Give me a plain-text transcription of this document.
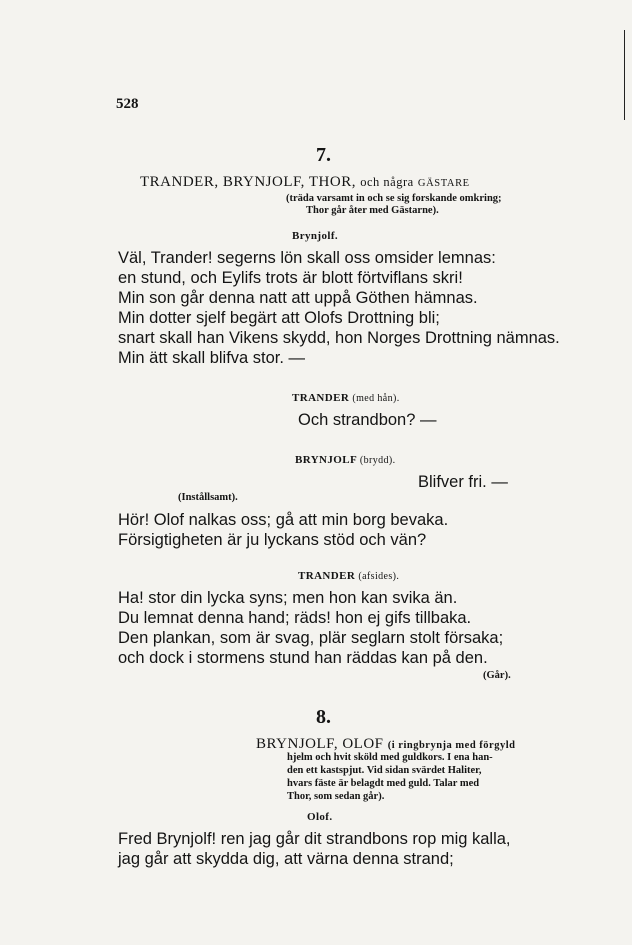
528
7.
TRANDER, BRYNJOLF, THOR, och några GÄSTARE
(träda varsamt in och se sig forskande omkring;
Thor går åter med Gästarne).
Brynjolf.
Väl, Trander! segerns lön skall oss omsider lemnas:
en stund, och Eylifs trots är blott förtviflans skri!
Min son går denna natt att uppå Göthen hämnas.
Min dotter sjelf begärt att Olofs Drottning bli;
snart skall han Vikens skydd, hon Norges Drottning nämnas.
Min ätt skall blifva stor. —
TRANDER (med hån).
Och strandbon? —
BRYNJOLF (brydd).
Blifver fri. —
(Instållsamt).
Hör! Olof nalkas oss; gå att min borg bevaka.
Försigtigheten är ju lyckans stöd och vän?
TRANDER (afsides).
Ha! stor din lycka syns; men hon kan svika än.
Du lemnat denna hand; räds! hon ej gifs tillbaka.
Den plankan, som är svag, plär seglarn stolt försaka;
och dock i stormens stund han räddas kan på den.
(Går).
8.
BRYNJOLF, OLOF (i ringbrynja med förgyld
hjelm och hvit sköld med guldkors. I ena han-
den ett kastspjut. Vid sidan svärdet Haliter,
hvars fäste är belagdt med guld. Talar med
Thor, som sedan går).
Olof.
Fred Brynjolf! ren jag går dit strandbons rop mig kalla,
jag går att skydda dig, att värna denna strand;
